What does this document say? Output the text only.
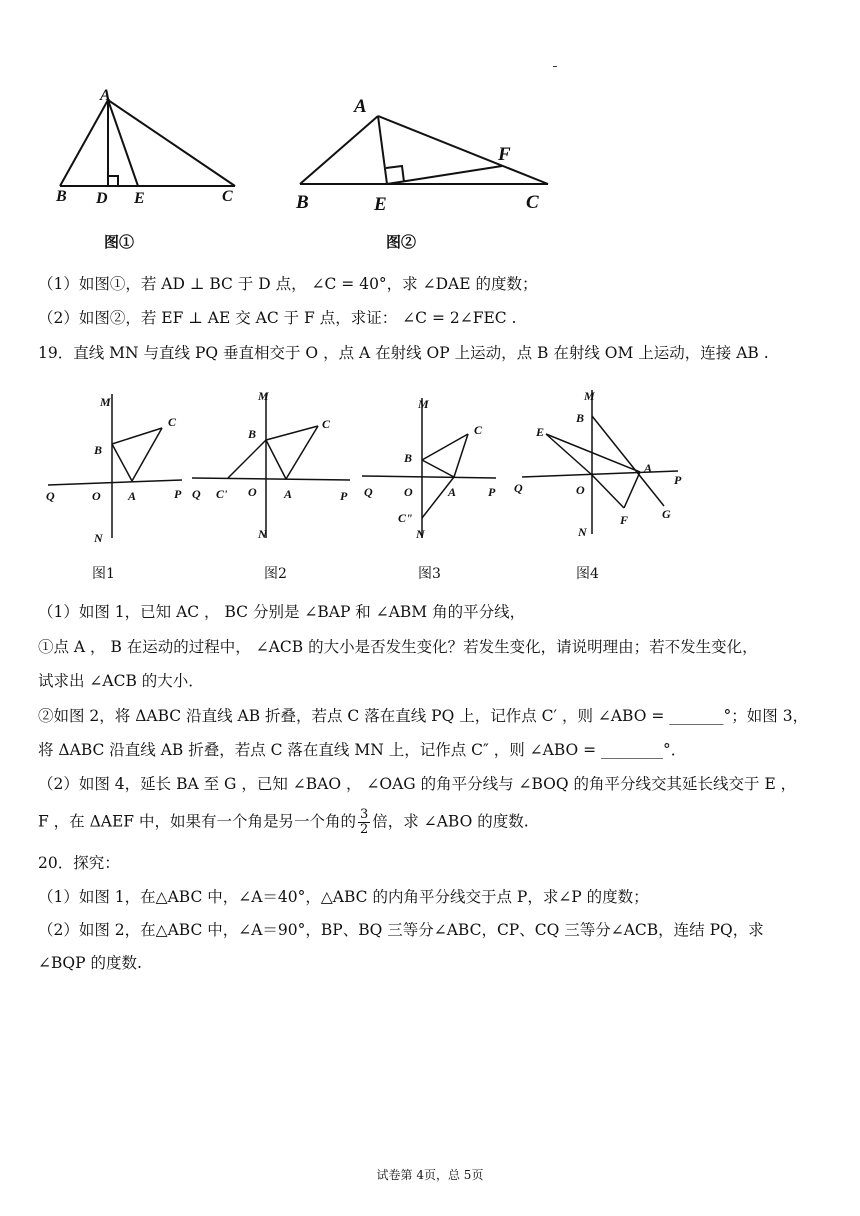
A
B D E	C
图①
A
B	E	C
F
图②
（1）如图①，若 AD ⊥ BC 于 D 点， ∠C = 40°，求 ∠DAE 的度数；
（2）如图②，若 EF ⊥ AE 交 AC 于 F 点，求证： ∠C = 2∠FEC .
19．直线 MN 与直线 PQ 垂直相交于 O ，点 A 在射线 OP 上运动，点 B 在射线 OM 上运动，连接 AB .
M
N
Q	P
O A
B
C
图1
M
N
Q	P
O A
B
C
C'
图2
M
N
Q	P
O	A
B
C
C"
图3
M
N
Q
P
O
A
B
E
F	G
图4
（1）如图 1，已知 AC ， BC 分别是 ∠BAP 和 ∠ABM 角的平分线，
①点 A ， B 在运动的过程中， ∠ACB 的大小是否发生变化？若发生变化，请说明理由；若不发生变化，
试求出 ∠ACB 的大小．
②如图 2，将 ΔABC 沿直线 AB 折叠，若点 C 落在直线 PQ 上，记作点 C′ ，则 ∠ABO = _______°；如图 3，
将 ΔABC 沿直线 AB 折叠，若点 C 落在直线 MN 上，记作点 C″ ，则 ∠ABO = ________°．
（2）如图 4，延长 BA 至 G ，已知 ∠BAO ， ∠OAG 的角平分线与 ∠BOQ 的角平分线交其延长线交于 E ，
F ，在 ΔAEF 中，如果有一个角是另一个角的 $\frac{3}{2}$ 倍，求 ∠ABO 的度数.
20．探究：
（1）如图 1，在△ABC 中，∠A＝40°，△ABC 的内角平分线交于点 P，求∠P 的度数；
（2）如图 2，在△ABC 中，∠A＝90°，BP、BQ 三等分∠ABC，CP、CQ 三等分∠ACB，连结 PQ，求
∠BQP 的度数.
试卷第 4页，总 5页
